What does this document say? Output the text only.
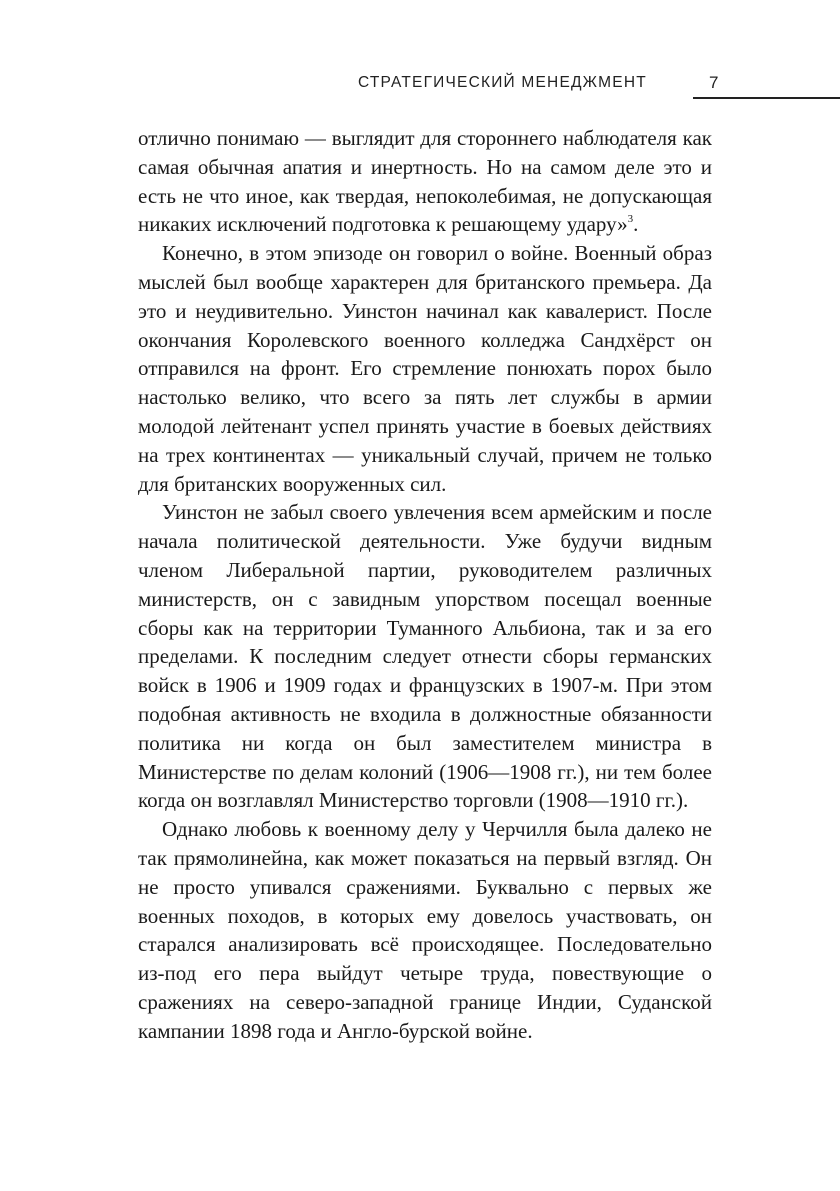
СТРАТЕГИЧЕСКИЙ МЕНЕДЖМЕНТ	7

отлично понимаю — выглядит для стороннего наблюдателя как самая обычная апатия и инертность. Но на самом деле это и есть не что иное, как твердая, непоколебимая, не допускающая никаких исключений подготовка к решающему удару»$^3$.

Конечно, в этом эпизоде он говорил о войне. Военный образ мыслей был вообще характерен для британского премьера. Да это и неудивительно. Уинстон начинал как кавалерист. После окончания Королевского военного колледжа Сандхёрст он отправился на фронт. Его стремление понюхать порох было настолько велико, что всего за пять лет службы в армии молодой лейтенант успел принять участие в боевых действиях на трех континентах — уникальный случай, причем не только для британских вооруженных сил.

Уинстон не забыл своего увлечения всем армейским и после начала политической деятельности. Уже будучи видным членом Либеральной партии, руководителем различных министерств, он с завидным упорством посещал военные сборы как на территории Туманного Альбиона, так и за его пределами. К последним следует отнести сборы германских войск в 1906 и 1909 годах и французских в 1907-м. При этом подобная активность не входила в должностные обязанности политика ни когда он был заместителем министра в Министерстве по делам колоний (1906—1908 гг.), ни тем более когда он возглавлял Министерство торговли (1908—1910 гг.).

Однако любовь к военному делу у Черчилля была далеко не так прямолинейна, как может показаться на первый взгляд. Он не просто упивался сражениями. Буквально с первых же военных походов, в которых ему довелось участвовать, он старался анализировать всё происходящее. Последовательно из-под его пера выйдут четыре труда, повествующие о сражениях на северо-западной границе Индии, Суданской кампании 1898 года и Англо-бурской войне.
